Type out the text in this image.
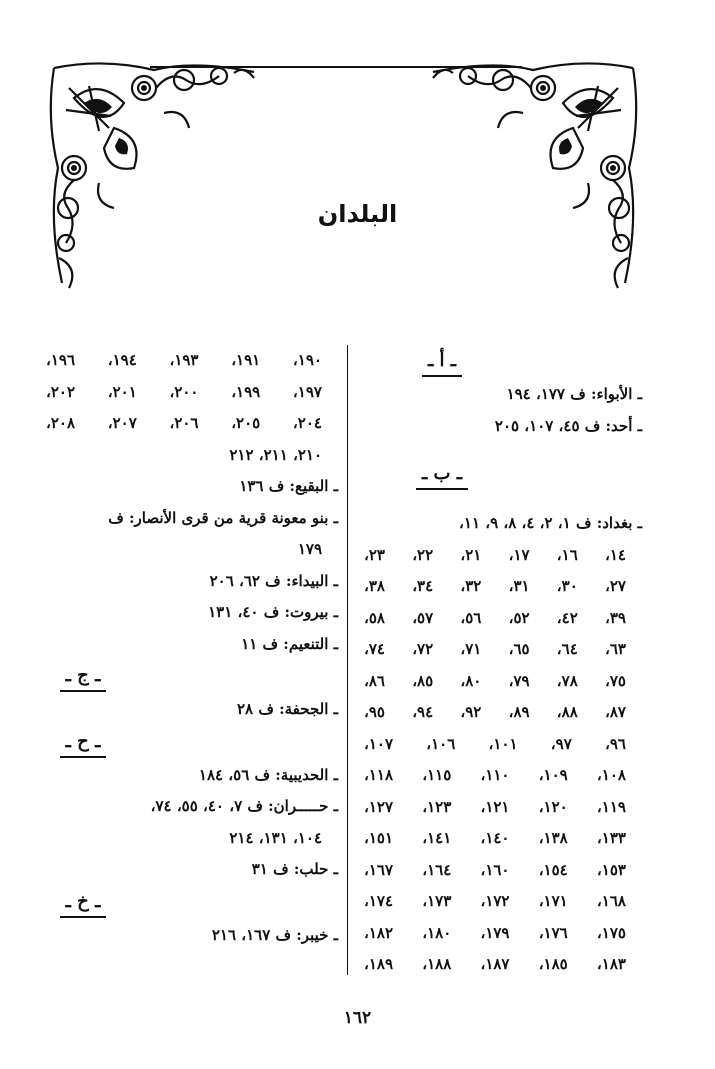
البلدان
ـ أ ـ
ـ الأبواء: ف ١٧٧، ١٩٤
ـ أحد: ف ٤٥، ١٠٧، ٢٠٥
ـ ب ـ
ـ بغداد: ف ١، ٢، ٤، ٨، ٩، ١١،
١٤، ١٦، ١٧، ٢١، ٢٢، ٢٣،
٢٧، ٣٠، ٣١، ٣٢، ٣٤، ٣٨،
٣٩، ٤٢، ٥٢، ٥٦، ٥٧، ٥٨،
٦٣، ٦٤، ٦٥، ٧١، ٧٢، ٧٤،
٧٥، ٧٨، ٧٩، ٨٠، ٨٥، ٨٦،
٨٧، ٨٨، ٨٩، ٩٢، ٩٤، ٩٥،
٩٦، ٩٧، ١٠١، ١٠٦، ١٠٧،
١٠٨، ١٠٩، ١١٠، ١١٥، ١١٨،
١١٩، ١٢٠، ١٢١، ١٢٣، ١٢٧،
١٣٣، ١٣٨، ١٤٠، ١٤١، ١٥١،
١٥٣، ١٥٤، ١٦٠، ١٦٤، ١٦٧،
١٦٨، ١٧١، ١٧٢، ١٧٣، ١٧٤،
١٧٥، ١٧٦، ١٧٩، ١٨٠، ١٨٢،
١٨٣، ١٨٥، ١٨٧، ١٨٨، ١٨٩،
١٩٠، ١٩١، ١٩٣، ١٩٤، ١٩٦،
١٩٧، ١٩٩، ٢٠٠، ٢٠١، ٢٠٢،
٢٠٤، ٢٠٥، ٢٠٦، ٢٠٧، ٢٠٨،
٢١٠، ٢١١، ٢١٢
ـ البقيع: ف ١٣٦
ـ بنو معونة قرية من قرى الأنصار: ف
١٧٩
ـ البيداء: ف ٦٢، ٢٠٦
ـ بيروت: ف ٤٠، ١٣١
ـ التنعيم: ف ١١
ـ ج ـ
ـ الجحفة: ف ٢٨
ـ ح ـ
ـ الحديبية: ف ٥٦، ١٨٤
ـ حـــــران: ف ٧، ٤٠، ٥٥، ٧٤،
١٠٤، ١٣١، ٢١٤
ـ حلب: ف ٣١
ـ خ ـ
ـ خيبر: ف ١٦٧، ٢١٦
١٦٢
